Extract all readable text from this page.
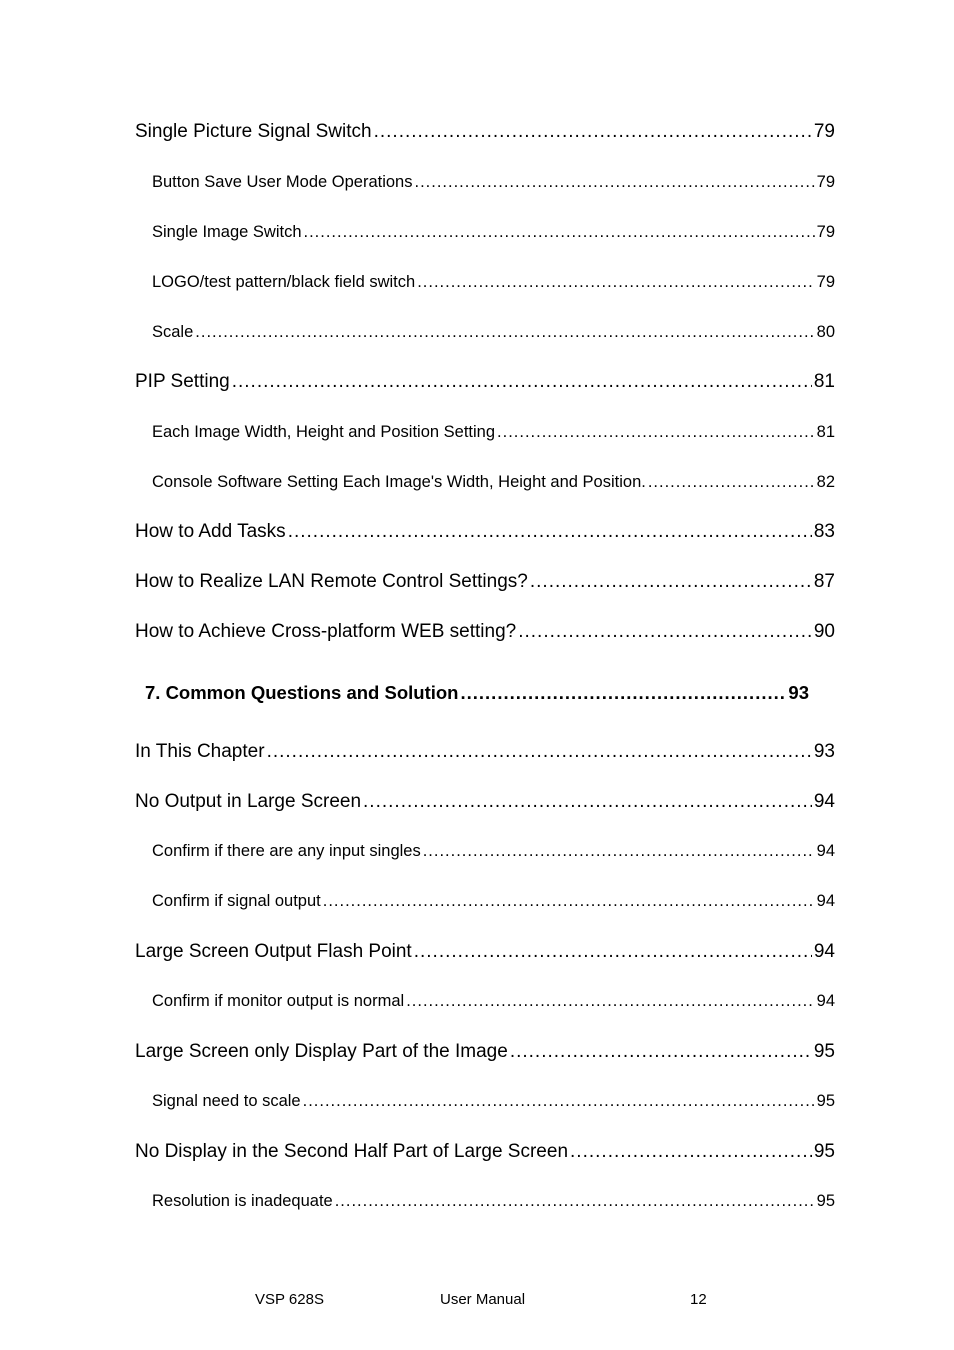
Single Picture Signal Switch .....	79
Button Save User Mode Operations .....	79
Single Image Switch .....	79
LOGO/test pattern/black field switch .....	79
Scale .....	80
PIP Setting .....	81
Each Image Width, Height and Position Setting .....	81
Console Software Setting Each Image's Width, Height and Position. .....	82
How to Add Tasks .....	83
How to Realize LAN Remote Control Settings? .....	87
How to Achieve Cross-platform WEB setting? .....	90
7. Common Questions and Solution .....	93
In This Chapter .....	93
No Output in Large Screen .....	94
Confirm if there are any input singles .....	94
Confirm if signal output .....	94
Large Screen Output Flash Point .....	94
Confirm if monitor output is normal .....	94
Large Screen only Display Part of the Image .....	95
Signal need to scale .....	95
No Display in the Second Half Part of Large Screen .....	95
Resolution is inadequate .....	95
VSP 628S	User Manual	12
